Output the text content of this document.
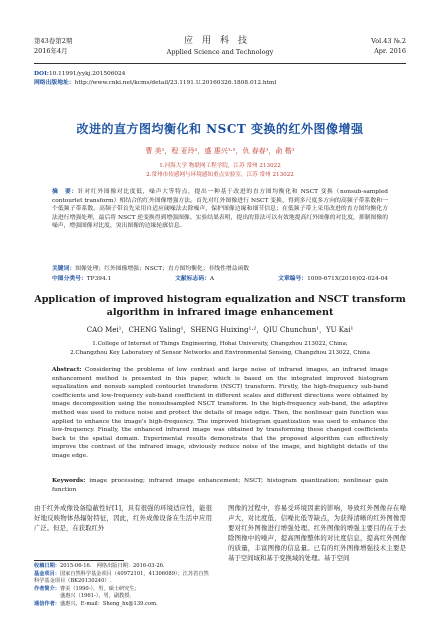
第43卷第2期
2016年4月
应用科技
Applied Science and Technology
Vol.43 №.2
Apr. 2016
DOI:10.11991/yykj.201506024
网络出版地址：http://www.cnki.net/kcms/detail/23.1191.U.20160326.1808.012.html
改进的直方图均衡化和 NSCT 变换的红外图像增强
曹 美¹，程 亚玲¹，盛 惠兴¹·²，仇 春春¹，俞 楷¹
1.河海大学 物联网工程学院，江苏 常州 213022
2.常州市传感网与环境感知重点实验室，江苏 常州 213022
摘　要：针对红外图像对比度低，噪声大等特点，提出一种基于改进的直方图均衡化和 NSCT 变换（nonsub-sampled contourlet transform）相结合的红外图像增强方法。首先对红外图像进行 NSCT 变换，得到多尺度多方向的高频子带系数和一个低频子带系数。高频子带首先采用自适应阈噪法去除噪声，保护图像边缘和细节信息；在低频子带上采用改进的直方图均衡化方法进行增强处理，最后将 NSCT 逆变换得到增强图像。实验结果表明，提出的算法可以有效地提高红外图像的对比度，抑制图像的噪声，增强图像对比度，突出图像的边缘轮廓信息。
关键词：图像处理；红外图像增强；NSCT；直方图均衡化；非线性增益函数
中图分类号：TP394.1	文献标志码：A	文章编号：1009-671X(2016)02-024-04
Application of improved histogram equalization and NSCT transform algorithm in infrared image enhancement
CAO Mei¹，CHENG Yaling¹，SHENG Huixing¹·²，QIU Chunchun¹，YU Kai¹
1.College of Internet of Things Engineering, Hohai University, Changzhou 213022, China;
2.Changzhou Key Laboratory of Sensor Networks and Environmental Sensing, Changzhou 213022, China
Abstract: Considering the problems of low contrast and large noise of infrared images, an infrared image enhancement method is presented in this paper, which is based on the integrated improved histogram equalization and nonsub sampled contourlet transform (NSCT) transform. Firstly, the high-frequency sub-band coefficients and low-frequency sub-band coefficient in different scales and different directions were obtained by image decomposition using the nonsubsampled NSCT transform. In the high-frequency sub-band, the adaptive method was used to reduce noise and protect the details of image edge. Then, the nonlinear gain function was applied to enhance the image's high-frequency. The improved histogram quantization was used to enhance the low-frequency. Finally, the enhanced infrared image was obtained by transforming these changed coefficients back to the spatial domain. Experimental results demonstrate that the proposed algorithm can effectively improve the contrast of the infrared image, obviously reduce noise of the image, and highlight details of the image edge.
Keywords: image processing; infrared image enhancement; NSCT; histogram quantization; nonlinear gain function
由于红外成像设备隐蔽性好[1]，具有很强的环境适应性，能很好地反映物体热辐射特征，因此，红外成像设备在生活中应用广泛。但是，在获取红外
图像的过程中，容易受环境因素的影响，导致红外图像存在噪声大，对比度低，信噪比低等缺点，为获得清晰的红外图像需要对红外图像进行增强处理。红外图像的增强主要目的在于去除图像中的噪声，提高图像整体的对比度信息，提高红外图像的质量，丰富图像的信息量。已有的红外图像增强技术主要是基于空间域和基于变换域的处理。基于空间
收稿日期：2015-06-16.　网络出版日期：2016-03-26.
基金项目：国家自然科学基金项目（40972101，41306089）；江苏省自然科学基金项目（BK20130240）.
作者简介：曹美（1990-），男，硕士研究生；
盛惠兴（1961-），男，副教授.
通信作者：盛惠兴，E-mail：Sheng_hx@139.com.
